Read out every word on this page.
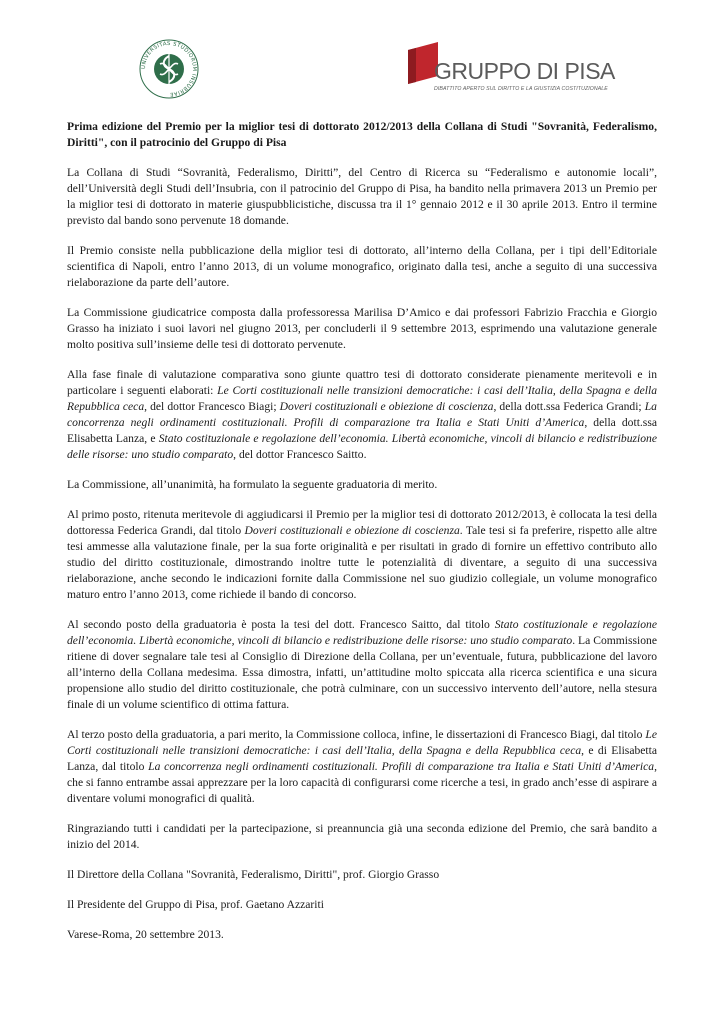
UNIVERSITAS STUDIORUM INSUBRIAE
GRUPPO DI PISA
DIBATTITO APERTO SUL DIRITTO E LA GIUSTIZIA COSTITUZIONALE

Prima edizione del Premio per la miglior tesi di dottorato 2012/2013 della Collana di Studi "Sovranità, Federalismo, Diritti", con il patrocinio del Gruppo di Pisa

La Collana di Studi “Sovranità, Federalismo, Diritti”, del Centro di Ricerca su “Federalismo e autonomie locali”, dell’Università degli Studi dell’Insubria, con il patrocinio del Gruppo di Pisa, ha bandito nella primavera 2013 un Premio per la miglior tesi di dottorato in materie giuspubblicistiche, discussa tra il 1° gennaio 2012 e il 30 aprile 2013. Entro il termine previsto dal bando sono pervenute 18 domande.

Il Premio consiste nella pubblicazione della miglior tesi di dottorato, all’interno della Collana, per i tipi dell’Editoriale scientifica di Napoli, entro l’anno 2013, di un volume monografico, originato dalla tesi, anche a seguito di una successiva rielaborazione da parte dell’autore.

La Commissione giudicatrice composta dalla professoressa Marilisa D’Amico e dai professori Fabrizio Fracchia e Giorgio Grasso ha iniziato i suoi lavori nel giugno 2013, per concluderli il 9 settembre 2013, esprimendo una valutazione generale molto positiva sull’insieme delle tesi di dottorato pervenute.

Alla fase finale di valutazione comparativa sono giunte quattro tesi di dottorato considerate pienamente meritevoli e in particolare i seguenti elaborati: Le Corti costituzionali nelle transizioni democratiche: i casi dell’Italia, della Spagna e della Repubblica ceca, del dottor Francesco Biagi; Doveri costituzionali e obiezione di coscienza, della dott.ssa Federica Grandi; La concorrenza negli ordinamenti costituzionali. Profili di comparazione tra Italia e Stati Uniti d’America, della dott.ssa Elisabetta Lanza, e Stato costituzionale e regolazione dell’economia. Libertà economiche, vincoli di bilancio e redistribuzione delle risorse: uno studio comparato, del dottor Francesco Saitto.

La Commissione, all’unanimità, ha formulato la seguente graduatoria di merito.

Al primo posto, ritenuta meritevole di aggiudicarsi il Premio per la miglior tesi di dottorato 2012/2013, è collocata la tesi della dottoressa Federica Grandi, dal titolo Doveri costituzionali e obiezione di coscienza. Tale tesi si fa preferire, rispetto alle altre tesi ammesse alla valutazione finale, per la sua forte originalità e per risultati in grado di fornire un effettivo contributo allo studio del diritto costituzionale, dimostrando inoltre tutte le potenzialità di diventare, a seguito di una successiva rielaborazione, anche secondo le indicazioni fornite dalla Commissione nel suo giudizio collegiale, un volume monografico maturo entro l’anno 2013, come richiede il bando di concorso.

Al secondo posto della graduatoria è posta la tesi del dott. Francesco Saitto, dal titolo Stato costituzionale e regolazione dell’economia. Libertà economiche, vincoli di bilancio e redistribuzione delle risorse: uno studio comparato. La Commissione ritiene di dover segnalare tale tesi al Consiglio di Direzione della Collana, per un’eventuale, futura, pubblicazione del lavoro all’interno della Collana medesima. Essa dimostra, infatti, un’attitudine molto spiccata alla ricerca scientifica e una sicura propensione allo studio del diritto costituzionale, che potrà culminare, con un successivo intervento dell’autore, nella stesura finale di un volume scientifico di ottima fattura.

Al terzo posto della graduatoria, a pari merito, la Commissione colloca, infine, le dissertazioni di Francesco Biagi, dal titolo Le Corti costituzionali nelle transizioni democratiche: i casi dell’Italia, della Spagna e della Repubblica ceca, e di Elisabetta Lanza, dal titolo La concorrenza negli ordinamenti costituzionali. Profili di comparazione tra Italia e Stati Uniti d’America, che si fanno entrambe assai apprezzare per la loro capacità di configurarsi come ricerche a tesi, in grado anch’esse di aspirare a diventare volumi monografici di qualità.

Ringraziando tutti i candidati per la partecipazione, si preannuncia già una seconda edizione del Premio, che sarà bandito a inizio del 2014.

Il Direttore della Collana "Sovranità, Federalismo, Diritti", prof. Giorgio Grasso

Il Presidente del Gruppo di Pisa, prof. Gaetano Azzariti

Varese-Roma, 20 settembre 2013.
